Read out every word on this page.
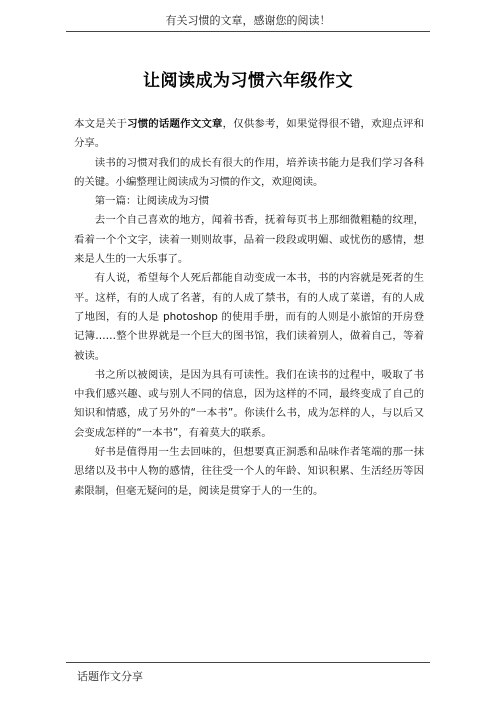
有关习惯的文章，感谢您的阅读！
让阅读成为习惯六年级作文

本文是关于习惯的话题作文文章，仅供参考，如果觉得很不错，欢迎点评和分享。

读书的习惯对我们的成长有很大的作用，培养读书能力是我们学习各科的关键。小编整理让阅读成为习惯的作文，欢迎阅读。

第一篇：让阅读成为习惯

去一个自己喜欢的地方，闻着书香，抚着每页书上那细微粗糙的纹理，看着一个个文字，读着一则则故事，品着一段段或明媚、或忧伤的感情，想来是人生的一大乐事了。

有人说，希望每个人死后都能自动变成一本书，书的内容就是死者的生平。这样，有的人成了名著，有的人成了禁书，有的人成了菜谱，有的人成了地图，有的人是 photoshop 的使用手册，而有的人则是小旅馆的开房登记簿……整个世界就是一个巨大的图书馆，我们读着别人，做着自己，等着被读。

书之所以被阅读，是因为具有可读性。我们在读书的过程中，吸取了书中我们感兴趣、或与别人不同的信息，因为这样的不同，最终变成了自己的知识和情感，成了另外的“一本书”。你读什么书，成为怎样的人，与以后又会变成怎样的“一本书”，有着莫大的联系。

好书是值得用一生去回味的，但想要真正洞悉和品味作者笔端的那一抹思绪以及书中人物的感情，往往受一个人的年龄、知识积累、生活经历等因素限制，但毫无疑问的是，阅读是贯穿于人的一生的。

话题作文分享
